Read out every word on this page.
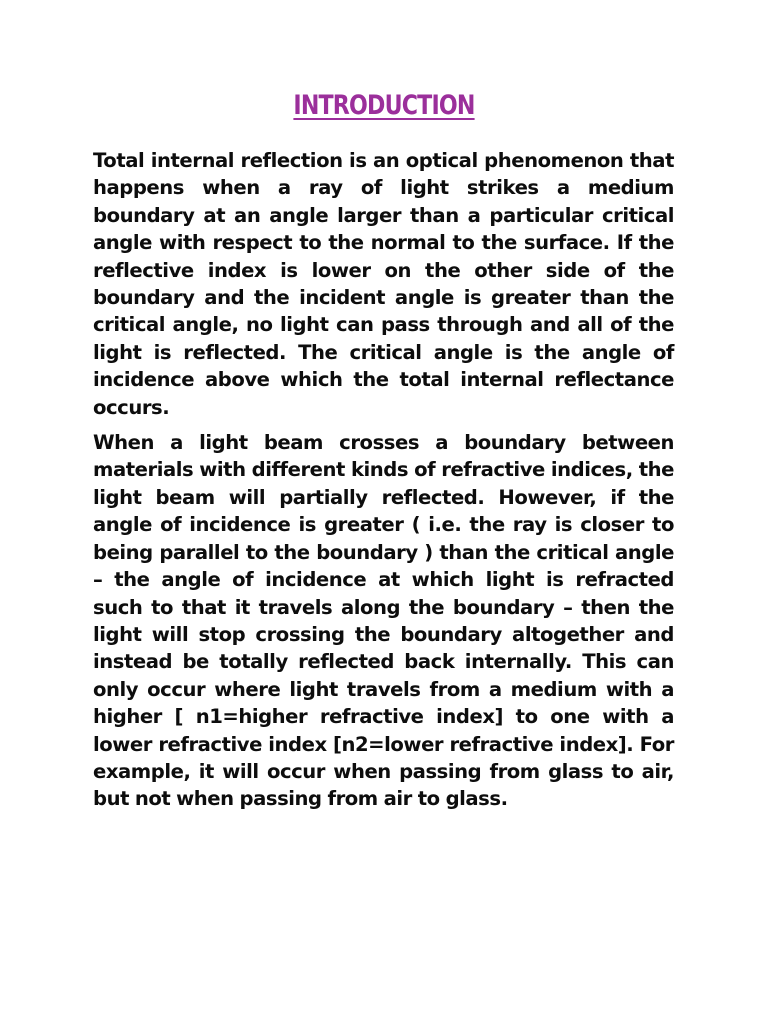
INTRODUCTION

Total internal reflection is an optical phenomenon that happens when a ray of light strikes a medium boundary at an angle larger than a particular critical angle with respect to the normal to the surface. If the reflective index is lower on the other side of the boundary and the incident angle is greater than the critical angle, no light can pass through and all of the light is reflected. The critical angle is the angle of incidence above which the total internal reflectance occurs.

When a light beam crosses a boundary between materials with different kinds of refractive indices, the light beam will partially reflected. However, if the angle of incidence is greater ( i.e. the ray is closer to being parallel to the boundary ) than the critical angle – the angle of incidence at which light is refracted such to that it travels along the boundary – then the light will stop crossing the boundary altogether and instead be totally reflected back internally. This can only occur where light travels from a medium with a higher [ n1=higher refractive index] to one with a lower refractive index [n2=lower refractive index]. For example, it will occur when passing from glass to air, but not when passing from air to glass.
